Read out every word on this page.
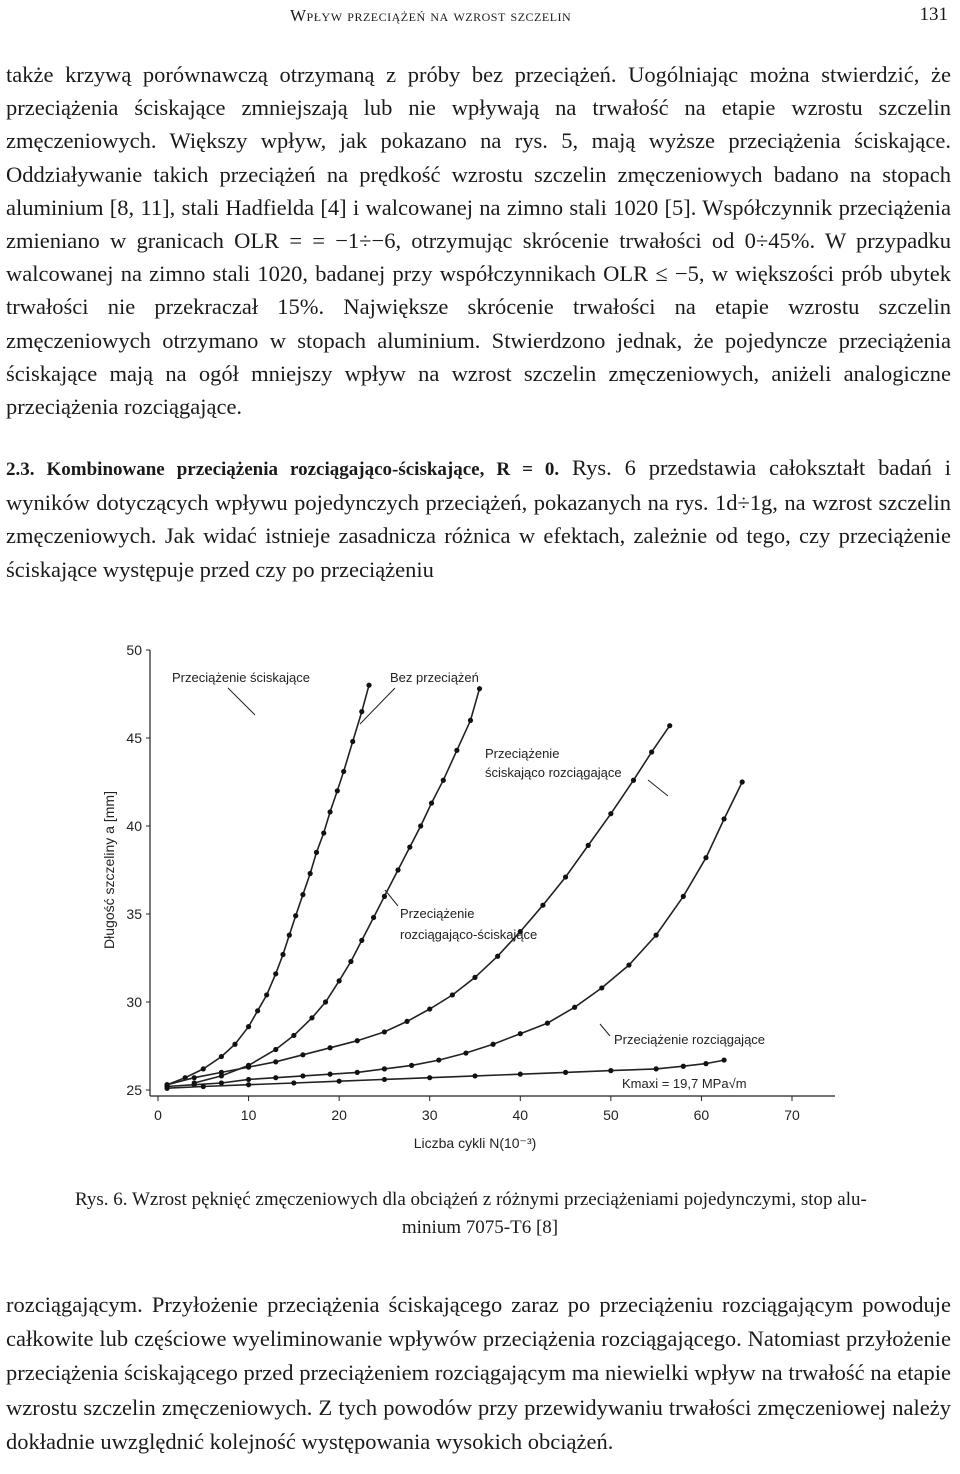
Wpływ przeciążeń na wzrost szczelin	131

także krzywą porównawczą otrzymaną z próby bez przeciążeń. Uogólniając można stwierdzić, że przeciążenia ściskające zmniejszają lub nie wpływają na trwałość na etapie wzrostu szczelin zmęczeniowych. Większy wpływ, jak pokazano na rys. 5, mają wyższe przeciążenia ściskające. Oddziaływanie takich przeciążeń na prędkość wzrostu szczelin zmęczeniowych badano na stopach aluminium [8, 11], stali Hadfielda [4] i walcowanej na zimno stali 1020 [5]. Współczynnik przeciążenia zmieniano w granicach OLR = = −1÷−6, otrzymując skrócenie trwałości od 0÷45%. W przypadku walcowanej na zimno stali 1020, badanej przy współczynnikach OLR ≤ −5, w większości prób ubytek trwałości nie przekraczał 15%. Największe skrócenie trwałości na etapie wzrostu szczelin zmęczeniowych otrzymano w stopach aluminium. Stwierdzono jednak, że pojedyncze przeciążenia ściskające mają na ogół mniejszy wpływ na wzrost szczelin zmęczeniowych, aniżeli analogiczne przeciążenia rozciągające.

2.3. Kombinowane przeciążenia rozciągająco-ściskające, R = 0. Rys. 6 przedstawia całokształt badań i wyników dotyczących wpływu pojedynczych przeciążeń, pokazanych na rys. 1d÷1g, na wzrost szczelin zmęczeniowych. Jak widać istnieje zasadnicza różnica w efektach, zależnie od tego, czy przeciążenie ściskające występuje przed czy po przeciążeniu

25
30
35
40
45
50
0	10	20	30	40	50	60	70
Liczba cykli N(10⁻³)
Długość szczeliny a [mm]
Przeciążenie ściskające	Bez przeciążeń
Przeciążenie
ściskająco rozciągające
Przeciążenie
rozciągająco-ściskające
Przeciążenie rozciągające
Kmaxi = 19,7 MPa√m
Rys. 6. Wzrost pęknięć zmęczeniowych dla obciążeń z różnymi przeciążeniami pojedynczymi, stop alu-
minium 7075-T6 [8]

rozciągającym. Przyłożenie przeciążenia ściskającego zaraz po przeciążeniu rozciągającym powoduje całkowite lub częściowe wyeliminowanie wpływów przeciążenia rozciągającego. Natomiast przyłożenie przeciążenia ściskającego przed przeciążeniem rozciągającym ma niewielki wpływ na trwałość na etapie wzrostu szczelin zmęczeniowych. Z tych powodów przy przewidywaniu trwałości zmęczeniowej należy dokładnie uwzględnić kolejność występowania wysokich obciążeń.
